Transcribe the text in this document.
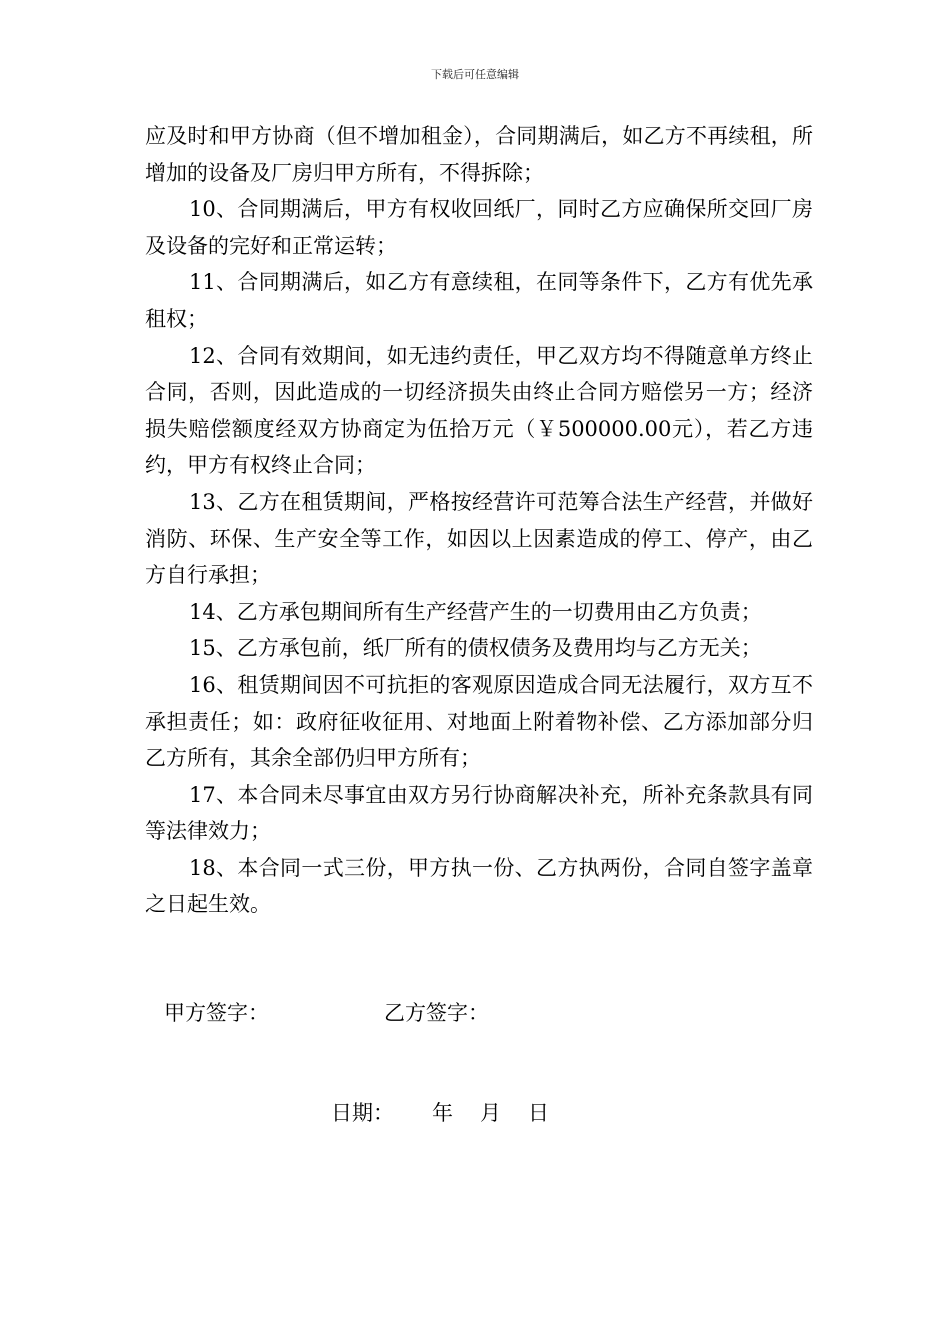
下载后可任意编辑

应及时和甲方协商（但不增加租金），合同期满后，如乙方不再续租，所增加的设备及厂房归甲方所有，不得拆除；

10、合同期满后，甲方有权收回纸厂，同时乙方应确保所交回厂房及设备的完好和正常运转；

11、合同期满后，如乙方有意续租，在同等条件下，乙方有优先承租权；

12、合同有效期间，如无违约责任，甲乙双方均不得随意单方终止合同，否则，因此造成的一切经济损失由终止合同方赔偿另一方；经济损失赔偿额度经双方协商定为伍拾万元（￥500000.00元），若乙方违约，甲方有权终止合同；

13、乙方在租赁期间，严格按经营许可范筹合法生产经营，并做好消防、环保、生产安全等工作，如因以上因素造成的停工、停产，由乙方自行承担；

14、乙方承包期间所有生产经营产生的一切费用由乙方负责；

15、乙方承包前，纸厂所有的债权债务及费用均与乙方无关；

16、租赁期间因不可抗拒的客观原因造成合同无法履行，双方互不承担责任；如：政府征收征用、对地面上附着物补偿、乙方添加部分归乙方所有，其余全部仍归甲方所有；

17、本合同未尽事宜由双方另行协商解决补充，所补充条款具有同等法律效力；

18、本合同一式三份，甲方执一份、乙方执两份，合同自签字盖章之日起生效。

甲方签字：	乙方签字：
日期： 年 月 日
